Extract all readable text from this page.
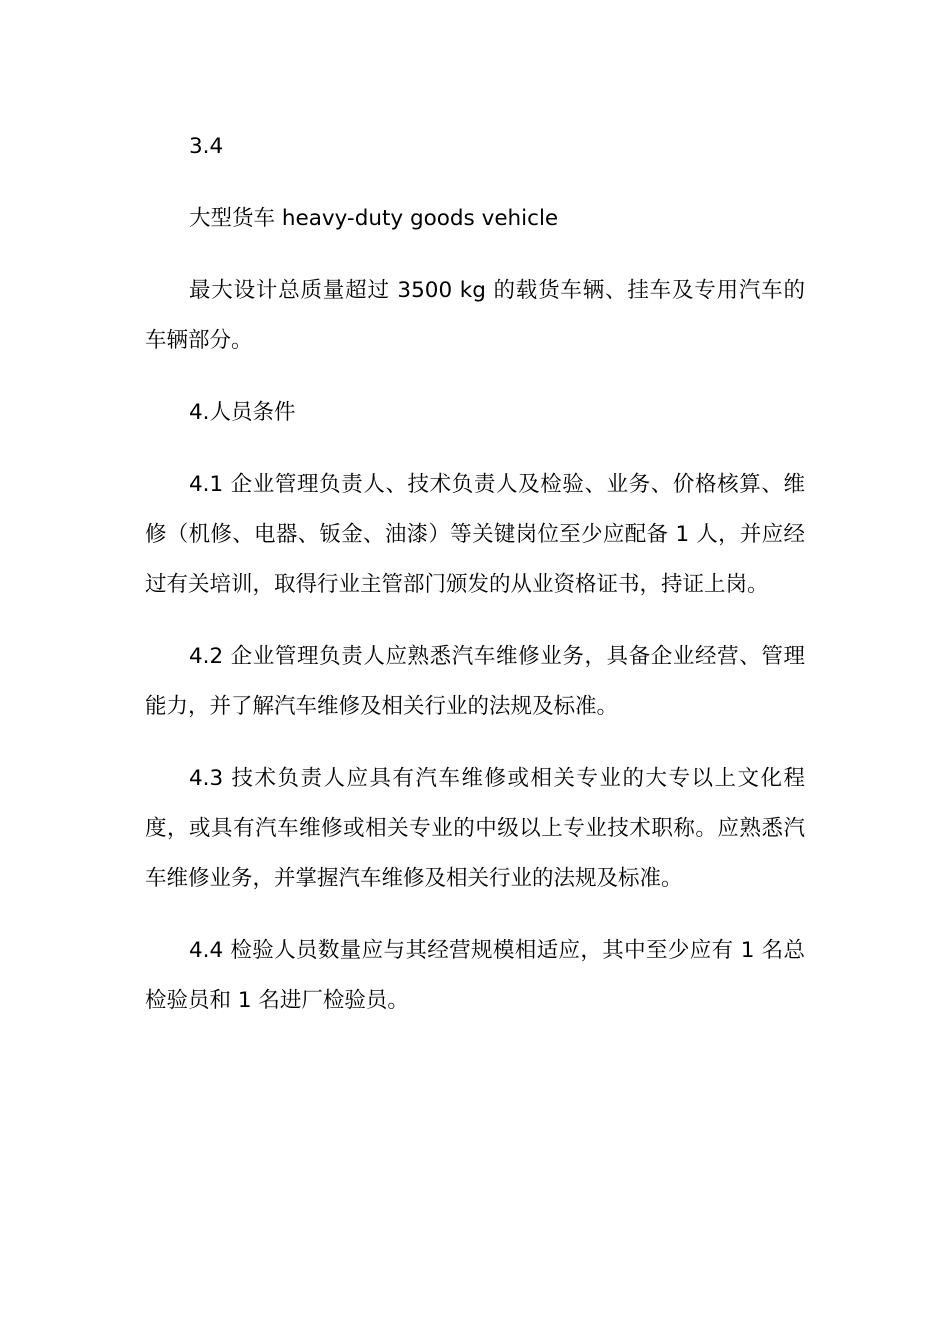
3.4

大型货车 heavy-duty goods vehicle

最大设计总质量超过 3500 kg 的载货车辆、挂车及专用汽车的车辆部分。

4.人员条件

4.1 企业管理负责人、技术负责人及检验、业务、价格核算、维修（机修、电器、钣金、油漆）等关键岗位至少应配备 1 人，并应经过有关培训，取得行业主管部门颁发的从业资格证书，持证上岗。

4.2 企业管理负责人应熟悉汽车维修业务，具备企业经营、管理能力，并了解汽车维修及相关行业的法规及标准。

4.3 技术负责人应具有汽车维修或相关专业的大专以上文化程度，或具有汽车维修或相关专业的中级以上专业技术职称。应熟悉汽车维修业务，并掌握汽车维修及相关行业的法规及标准。

4.4 检验人员数量应与其经营规模相适应，其中至少应有 1 名总检验员和 1 名进厂检验员。
